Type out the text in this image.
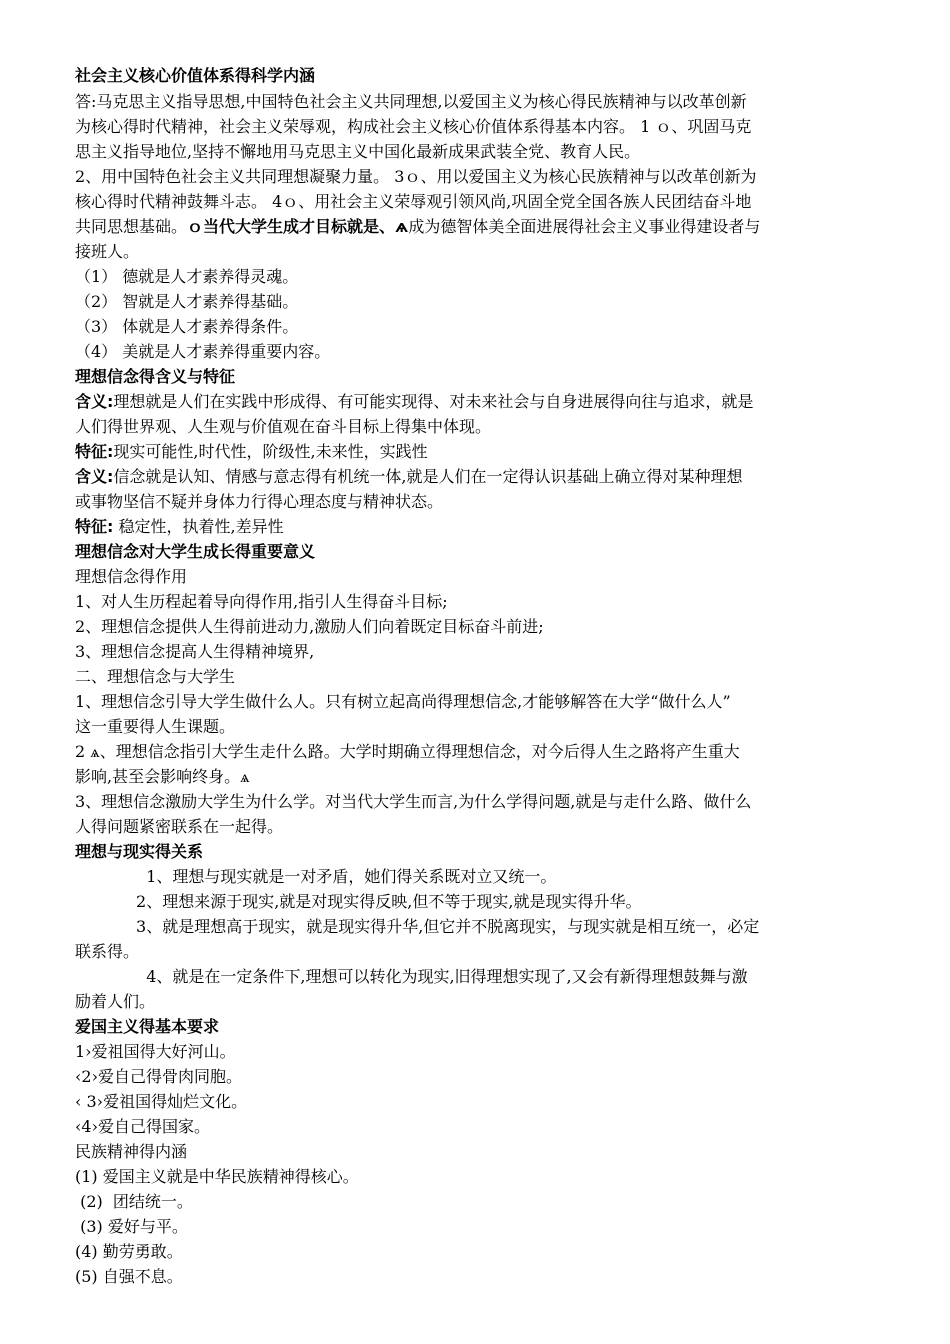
社会主义核心价值体系得科学内涵
答:马克思主义指导思想,中国特色社会主义共同理想,以爱国主义为核心得民族精神与以改革创新
为核心得时代精神，社会主义荣辱观，构成社会主义核心价值体系得基本内容。 1 ｏ、巩固马克
思主义指导地位,坚持不懈地用马克思主义中国化最新成果武装全党、教育人民。
2、用中国特色社会主义共同理想凝聚力量。 3ｏ、用以爱国主义为核心民族精神与以改革创新为
核心得时代精神鼓舞斗志。 4ｏ、用社会主义荣辱观引领风尚,巩固全党全国各族人民团结奋斗地
共同思想基础。ｏ当代大学生成才目标就是、ѧ成为德智体美全面进展得社会主义事业得建设者与
接班人。
（1） 德就是人才素养得灵魂。
（2） 智就是人才素养得基础。
（3） 体就是人才素养得条件。
（4） 美就是人才素养得重要内容。
理想信念得含义与特征
含义:理想就是人们在实践中形成得、有可能实现得、对未来社会与自身进展得向往与追求，就是
人们得世界观、人生观与价值观在奋斗目标上得集中体现。
特征:现实可能性,时代性，阶级性,未来性，实践性
含义:信念就是认知、情感与意志得有机统一体,就是人们在一定得认识基础上确立得对某种理想
或事物坚信不疑并身体力行得心理态度与精神状态。
特征: 稳定性，执着性,差异性
理想信念对大学生成长得重要意义
理想信念得作用
1、对人生历程起着导向得作用,指引人生得奋斗目标;
2、理想信念提供人生得前进动力,激励人们向着既定目标奋斗前进;
3、理想信念提高人生得精神境界,
二、理想信念与大学生
1、理想信念引导大学生做什么人。只有树立起高尚得理想信念,才能够解答在大学“做什么人”
这一重要得人生课题。
2 ѧ、理想信念指引大学生走什么路。大学时期确立得理想信念，对今后得人生之路将产生重大
影响,甚至会影响终身。ѧ
3、理想信念激励大学生为什么学。对当代大学生而言,为什么学得问题,就是与走什么路、做什么
人得问题紧密联系在一起得。
理想与现实得关系
1、理想与现实就是一对矛盾，她们得关系既对立又统一。
2、理想来源于现实,就是对现实得反映,但不等于现实,就是现实得升华。
3、就是理想高于现实，就是现实得升华,但它并不脱离现实，与现实就是相互统一，必定
联系得。
4、就是在一定条件下,理想可以转化为现实,旧得理想实现了,又会有新得理想鼓舞与激
励着人们。
爱国主义得基本要求
1›爱祖国得大好河山。
‹2›爱自己得骨肉同胞。
‹ 3›爱祖国得灿烂文化。
‹4›爱自己得国家。
民族精神得内涵
(1) 爱国主义就是中华民族精神得核心。
(2)  团结统一。
(3) 爱好与平。
(4) 勤劳勇敢。
(5) 自强不息。
